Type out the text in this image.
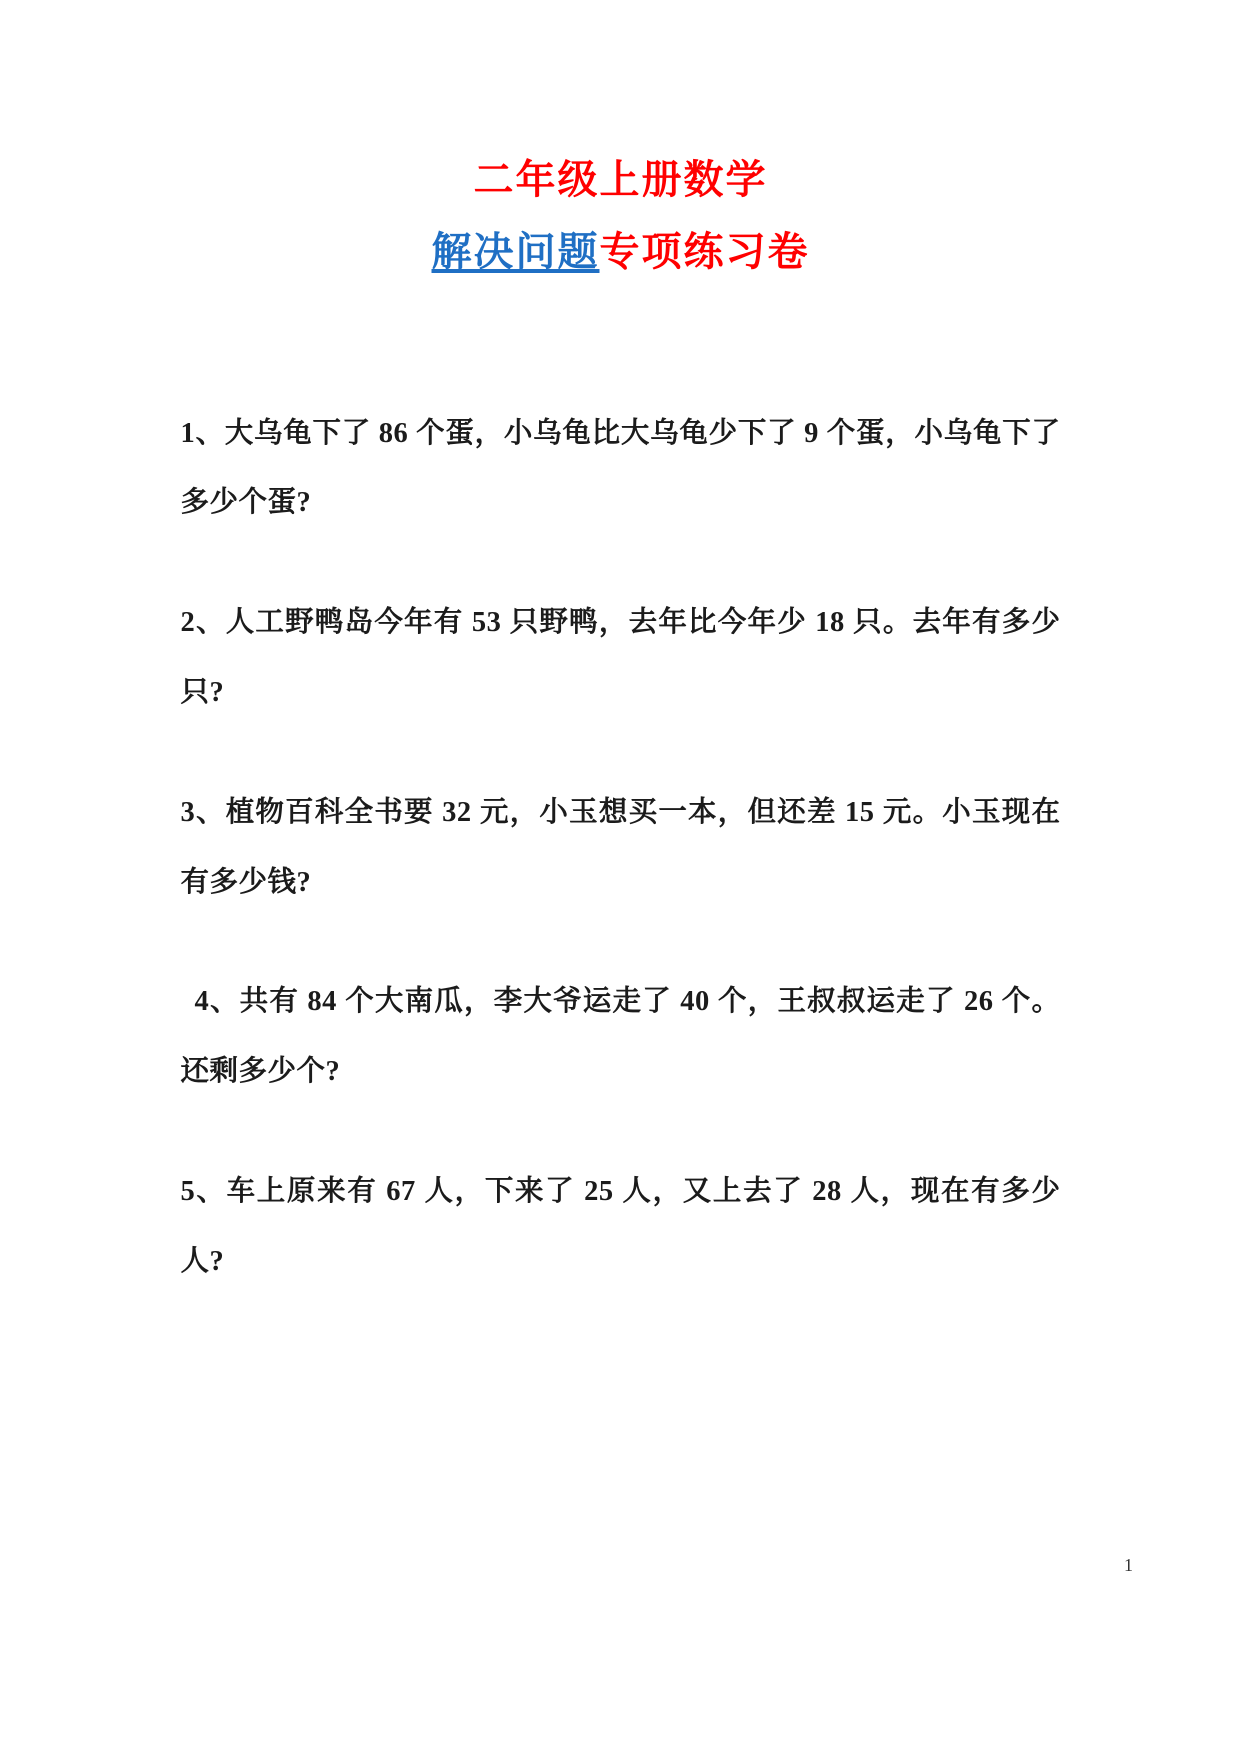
二年级上册数学
解决问题专项练习卷

1、大乌龟下了 86 个蛋，小乌龟比大乌龟少下了 9 个蛋，小乌龟下了多少个蛋?

2、人工野鸭岛今年有 53 只野鸭，去年比今年少 18 只。去年有多少只?

3、植物百科全书要 32 元，小玉想买一本，但还差 15 元。小玉现在有多少钱?

4、共有 84 个大南瓜，李大爷运走了 40 个，王叔叔运走了 26 个。还剩多少个?

5、车上原来有 67 人，下来了 25 人，又上去了 28 人，现在有多少人?

1
